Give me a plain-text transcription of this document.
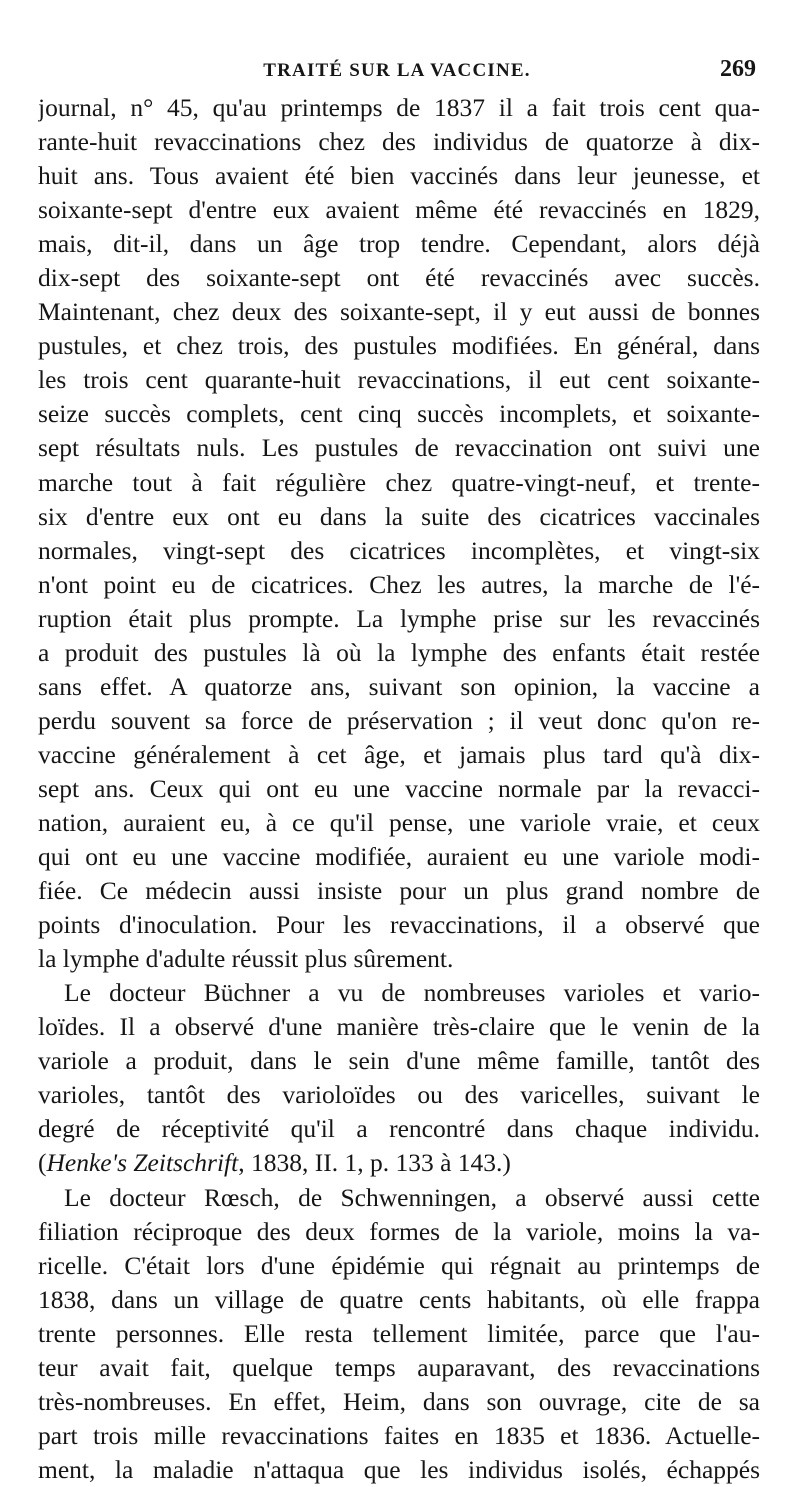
TRAITÉ SUR LA VACCINE.	269
journal, n° 45, qu'au printemps de 1837 il a fait trois cent qua-
rante-huit revaccinations chez des individus de quatorze à dix-
huit ans. Tous avaient été bien vaccinés dans leur jeunesse, et
soixante-sept d'entre eux avaient même été revaccinés en 1829,
mais, dit-il, dans un âge trop tendre. Cependant, alors déjà
dix-sept des soixante-sept ont été revaccinés avec succès.
Maintenant, chez deux des soixante-sept, il y eut aussi de bonnes
pustules, et chez trois, des pustules modifiées. En général, dans
les trois cent quarante-huit revaccinations, il eut cent soixante-
seize succès complets, cent cinq succès incomplets, et soixante-
sept résultats nuls. Les pustules de revaccination ont suivi une
marche tout à fait régulière chez quatre-vingt-neuf, et trente-
six d'entre eux ont eu dans la suite des cicatrices vaccinales
normales, vingt-sept des cicatrices incomplètes, et vingt-six
n'ont point eu de cicatrices. Chez les autres, la marche de l'é-
ruption était plus prompte. La lymphe prise sur les revaccinés
a produit des pustules là où la lymphe des enfants était restée
sans effet. A quatorze ans, suivant son opinion, la vaccine a
perdu souvent sa force de préservation ; il veut donc qu'on re-
vaccine généralement à cet âge, et jamais plus tard qu'à dix-
sept ans. Ceux qui ont eu une vaccine normale par la revacci-
nation, auraient eu, à ce qu'il pense, une variole vraie, et ceux
qui ont eu une vaccine modifiée, auraient eu une variole modi-
fiée. Ce médecin aussi insiste pour un plus grand nombre de
points d'inoculation. Pour les revaccinations, il a observé que
la lymphe d'adulte réussit plus sûrement.
Le docteur Büchner a vu de nombreuses varioles et vario-
loïdes. Il a observé d'une manière très-claire que le venin de la
variole a produit, dans le sein d'une même famille, tantôt des
varioles, tantôt des varioloïdes ou des varicelles, suivant le
degré de réceptivité qu'il a rencontré dans chaque individu.
(Henke's Zeitschrift, 1838, II. 1, p. 133 à 143.)
Le docteur Rœsch, de Schwenningen, a observé aussi cette
filiation réciproque des deux formes de la variole, moins la va-
ricelle. C'était lors d'une épidémie qui régnait au printemps de
1838, dans un village de quatre cents habitants, où elle frappa
trente personnes. Elle resta tellement limitée, parce que l'au-
teur avait fait, quelque temps auparavant, des revaccinations
très-nombreuses. En effet, Heim, dans son ouvrage, cite de sa
part trois mille revaccinations faites en 1835 et 1836. Actuelle-
ment, la maladie n'attaqua que les individus isolés, échappés
